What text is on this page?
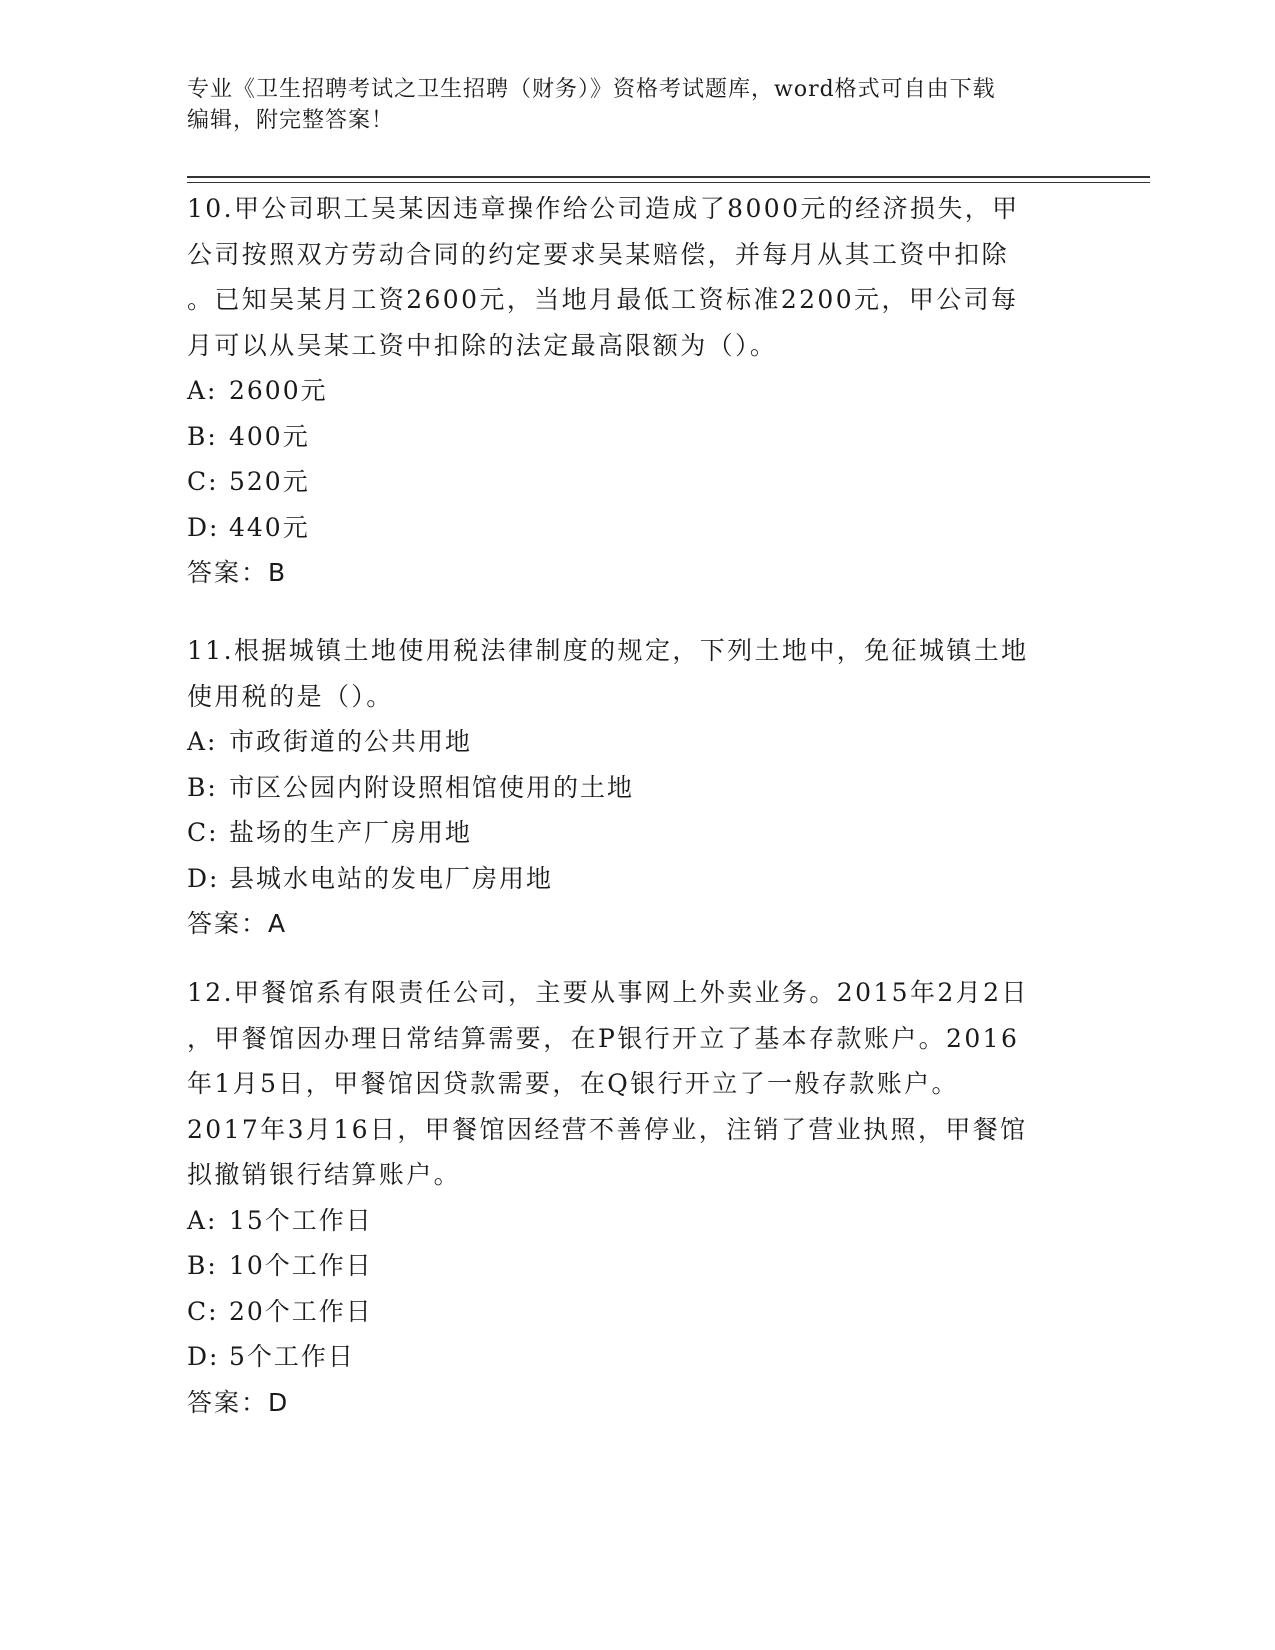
专业《卫生招聘考试之卫生招聘（财务）》资格考试题库，word格式可自由下载
编辑，附完整答案！
10.甲公司职工吴某因违章操作给公司造成了8000元的经济损失，甲
公司按照双方劳动合同的约定要求吴某赔偿，并每月从其工资中扣除
。已知吴某月工资2600元，当地月最低工资标准2200元，甲公司每
月可以从吴某工资中扣除的法定最高限额为（）。
A: 2600元
B: 400元
C: 520元
D: 440元
答案：B
11.根据城镇土地使用税法律制度的规定，下列土地中，免征城镇土地
使用税的是（）。
A: 市政街道的公共用地
B: 市区公园内附设照相馆使用的土地
C: 盐场的生产厂房用地
D: 县城水电站的发电厂房用地
答案：A
12.甲餐馆系有限责任公司，主要从事网上外卖业务。2015年2月2日
，甲餐馆因办理日常结算需要，在P银行开立了基本存款账户。2016
年1月5日，甲餐馆因贷款需要，在Q银行开立了一般存款账户。
2017年3月16日，甲餐馆因经营不善停业，注销了营业执照，甲餐馆
拟撤销银行结算账户。
A: 15个工作日
B: 10个工作日
C: 20个工作日
D: 5个工作日
答案：D
